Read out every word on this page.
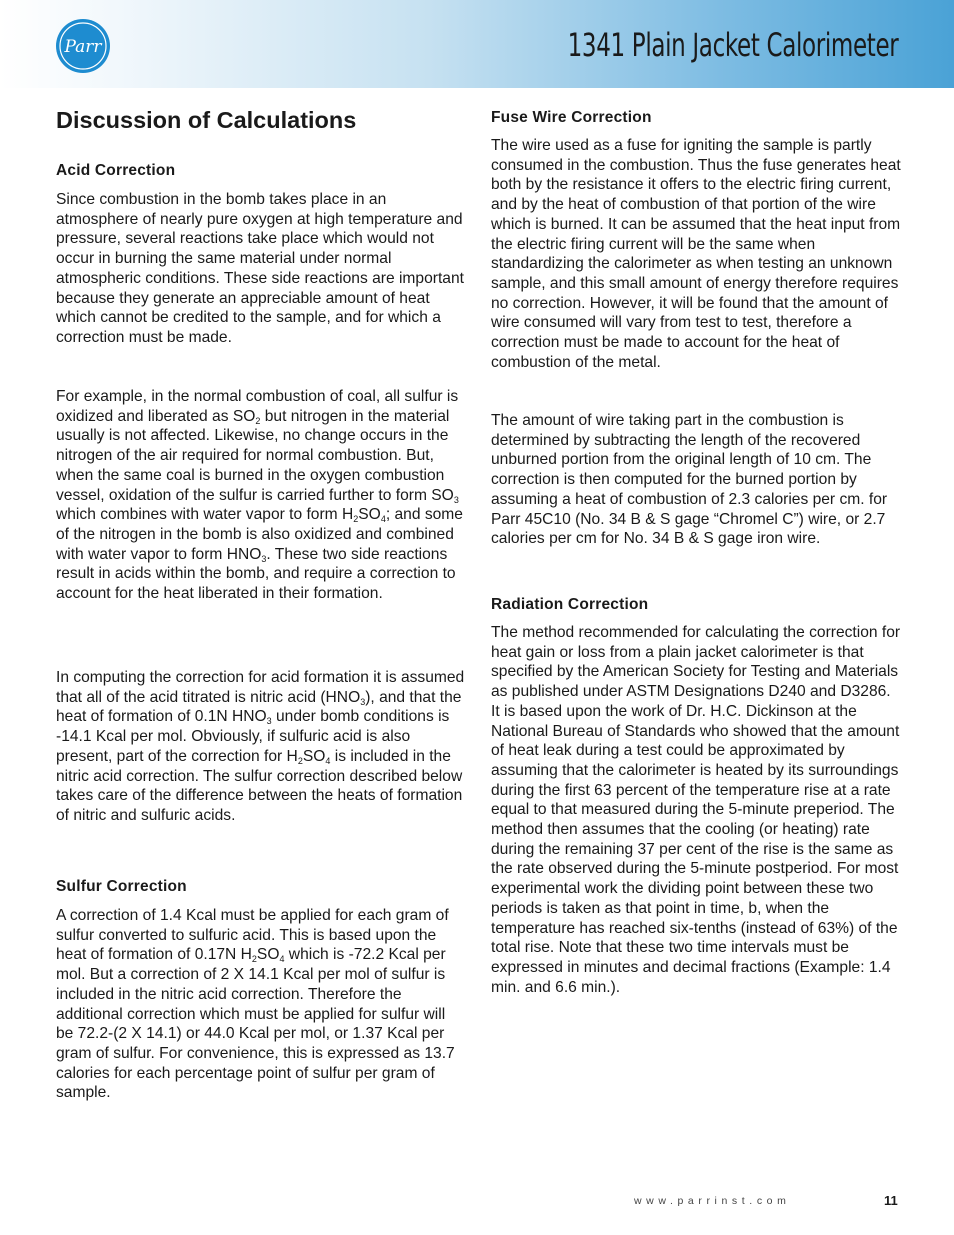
Parr	1341 Plain Jacket Calorimeter
Discussion of Calculations
Acid Correction

Since combustion in the bomb takes place in an atmosphere of nearly pure oxygen at high temperature and pressure, several reactions take place which would not occur in burning the same material under normal atmospheric conditions. These side reactions are important because they generate an appreciable amount of heat which cannot be credited to the sample, and for which a correction must be made.

For example, in the normal combustion of coal, all sulfur is oxidized and liberated as $SO_2$ but nitrogen in the material usually is not affected. Likewise, no change occurs in the nitrogen of the air required for normal combustion. But, when the same coal is burned in the oxygen combustion vessel, oxidation of the sulfur is carried further to form $SO_3$ which combines with water vapor to form $H_2SO_4$; and some of the nitrogen in the bomb is also oxidized and combined with water vapor to form $HNO_3$. These two side reactions result in acids within the bomb, and require a correction to account for the heat liberated in their formation.

In computing the correction for acid formation it is assumed that all of the acid titrated is nitric acid $(HNO_3)$, and that the heat of formation of 0.1N $HNO_3$ under bomb conditions is -14.1 Kcal per mol. Obviously, if sulfuric acid is also present, part of the correction for $H_2SO_4$ is included in the nitric acid correction. The sulfur correction described below takes care of the difference between the heats of formation of nitric and sulfuric acids.

Sulfur Correction

A correction of 1.4 Kcal must be applied for each gram of sulfur converted to sulfuric acid. This is based upon the heat of formation of 0.17N $H_2SO_4$ which is -72.2 Kcal per mol. But a correction of 2 X 14.1 Kcal per mol of sulfur is included in the nitric acid correction. Therefore the additional correction which must be applied for sulfur will be 72.2-(2 X 14.1) or 44.0 Kcal per mol, or 1.37 Kcal per gram of sulfur. For convenience, this is expressed as 13.7 calories for each percentage point of sulfur per gram of sample.

Fuse Wire Correction

The wire used as a fuse for igniting the sample is partly consumed in the combustion. Thus the fuse generates heat both by the resistance it offers to the electric firing current, and by the heat of combustion of that portion of the wire which is burned. It can be assumed that the heat input from the electric firing current will be the same when standardizing the calorimeter as when testing an unknown sample, and this small amount of energy therefore requires no correction. However, it will be found that the amount of wire consumed will vary from test to test, therefore a correction must be made to account for the heat of combustion of the metal.

The amount of wire taking part in the combustion is determined by subtracting the length of the recovered unburned portion from the original length of 10 cm. The correction is then computed for the burned portion by assuming a heat of combustion of 2.3 calories per cm. for Parr 45C10 (No. 34 B & S gage “Chromel C”) wire, or 2.7 calories per cm for No. 34 B & S gage iron wire.

Radiation Correction

The method recommended for calculating the correction for heat gain or loss from a plain jacket calorimeter is that specified by the American Society for Testing and Materials as published under ASTM Designations D240 and D3286. It is based upon the work of Dr. H.C. Dickinson at the National Bureau of Standards who showed that the amount of heat leak during a test could be approximated by assuming that the calorimeter is heated by its surroundings during the first 63 percent of the temperature rise at a rate equal to that measured during the 5-minute preperiod. The method then assumes that the cooling (or heating) rate during the remaining 37 per cent of the rise is the same as the rate observed during the 5-minute postperiod. For most experimental work the dividing point between these two periods is taken as that point in time, b, when the temperature has reached six-tenths (instead of 63%) of the total rise. Note that these two time intervals must be expressed in minutes and decimal fractions (Example: 1.4 min. and 6.6 min.).

www.parrinst.com	11
